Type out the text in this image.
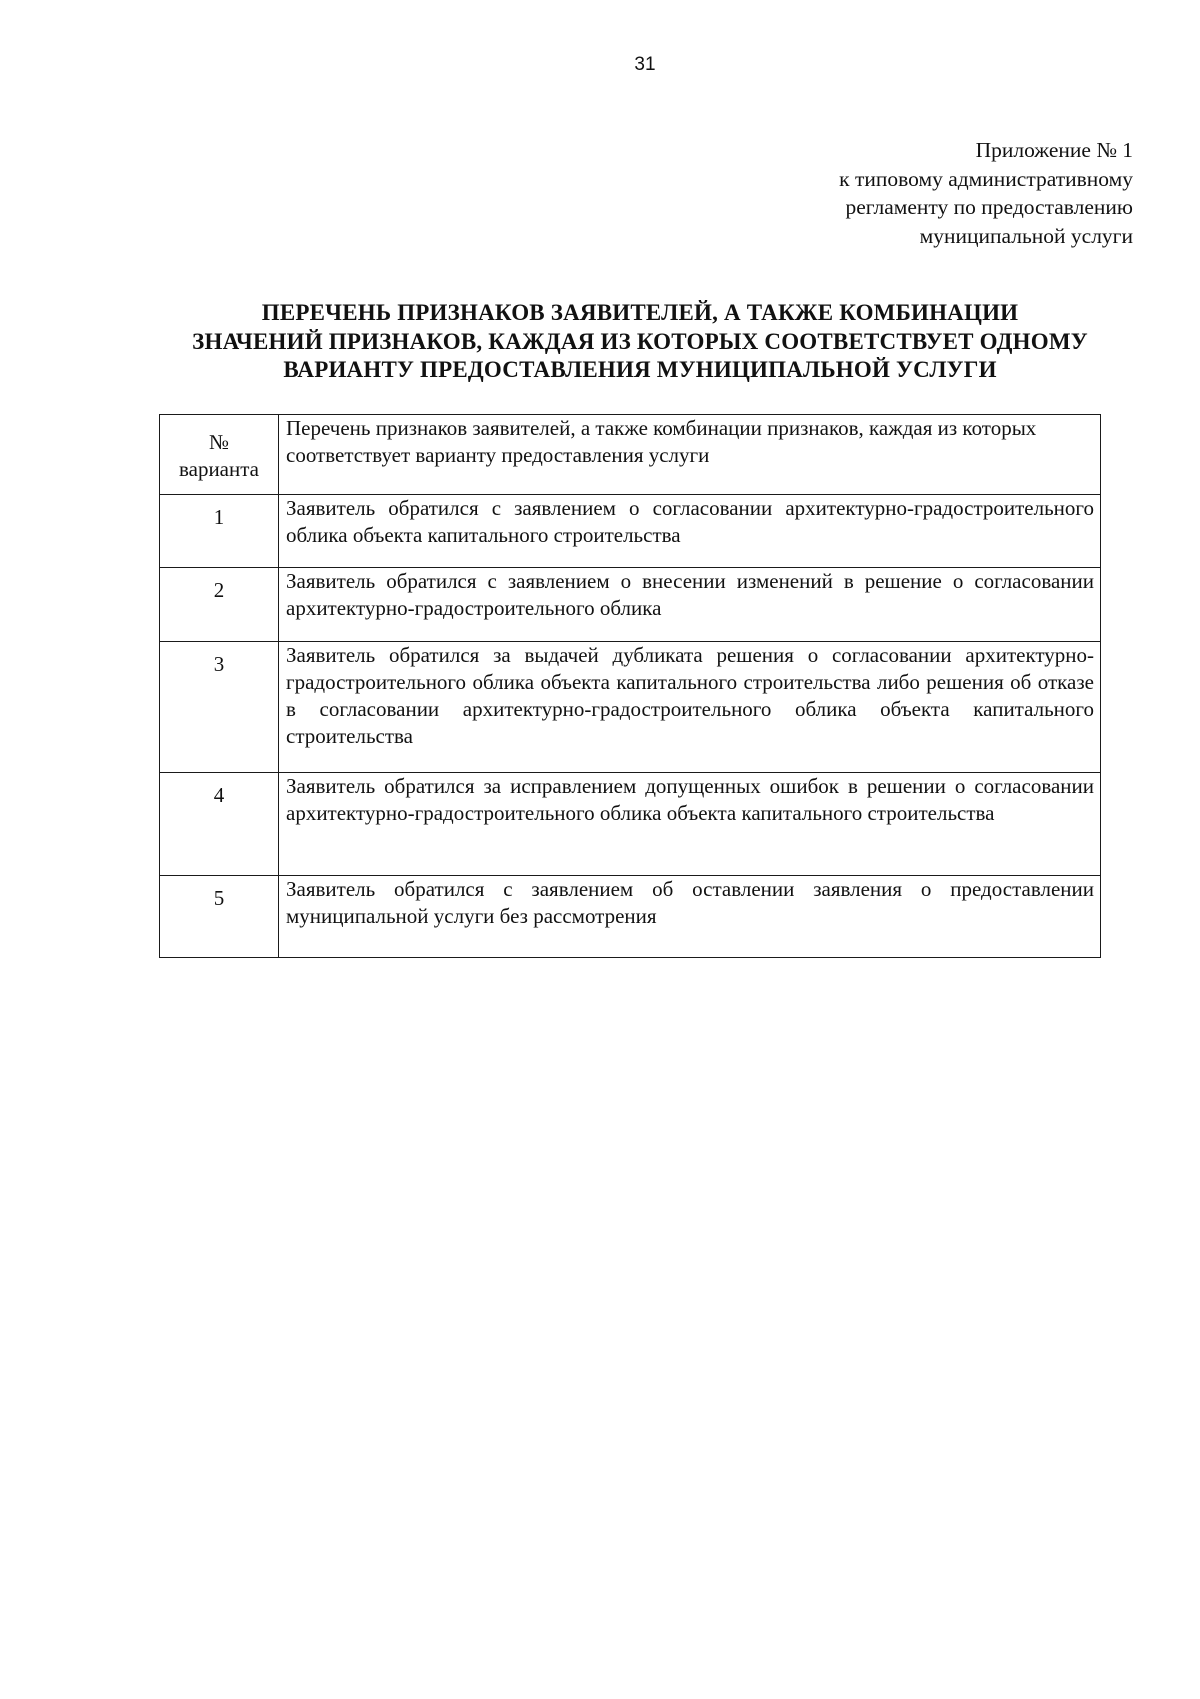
31
Приложение № 1
к типовому административному
регламенту по предоставлению
муниципальной услуги
ПЕРЕЧЕНЬ ПРИЗНАКОВ ЗАЯВИТЕЛЕЙ, А ТАКЖЕ КОМБИНАЦИИ
ЗНАЧЕНИЙ ПРИЗНАКОВ, КАЖДАЯ ИЗ КОТОРЫХ СООТВЕТСТВУЕТ ОДНОМУ
ВАРИАНТУ ПРЕДОСТАВЛЕНИЯ МУНИЦИПАЛЬНОЙ УСЛУГИ
№
варианта	Перечень признаков заявителей, а также комбинации признаков, каждая из которых соответствует варианту предоставления услуги
1	Заявитель обратился с заявлением о согласовании архитектурно-градостроительного облика объекта капитального строительства
2	Заявитель обратился с заявлением о внесении изменений в решение о согласовании архитектурно-градостроительного облика
3	Заявитель обратился за выдачей дубликата решения о согласовании архитектурно-градостроительного облика объекта капитального строительства либо решения об отказе в согласовании архитектурно-градостроительного облика объекта капитального строительства
4	Заявитель обратился за исправлением допущенных ошибок в решении о согласовании архитектурно-градостроительного облика объекта капитального строительства
5	Заявитель обратился с заявлением об оставлении заявления о предоставлении муниципальной услуги без рассмотрения
